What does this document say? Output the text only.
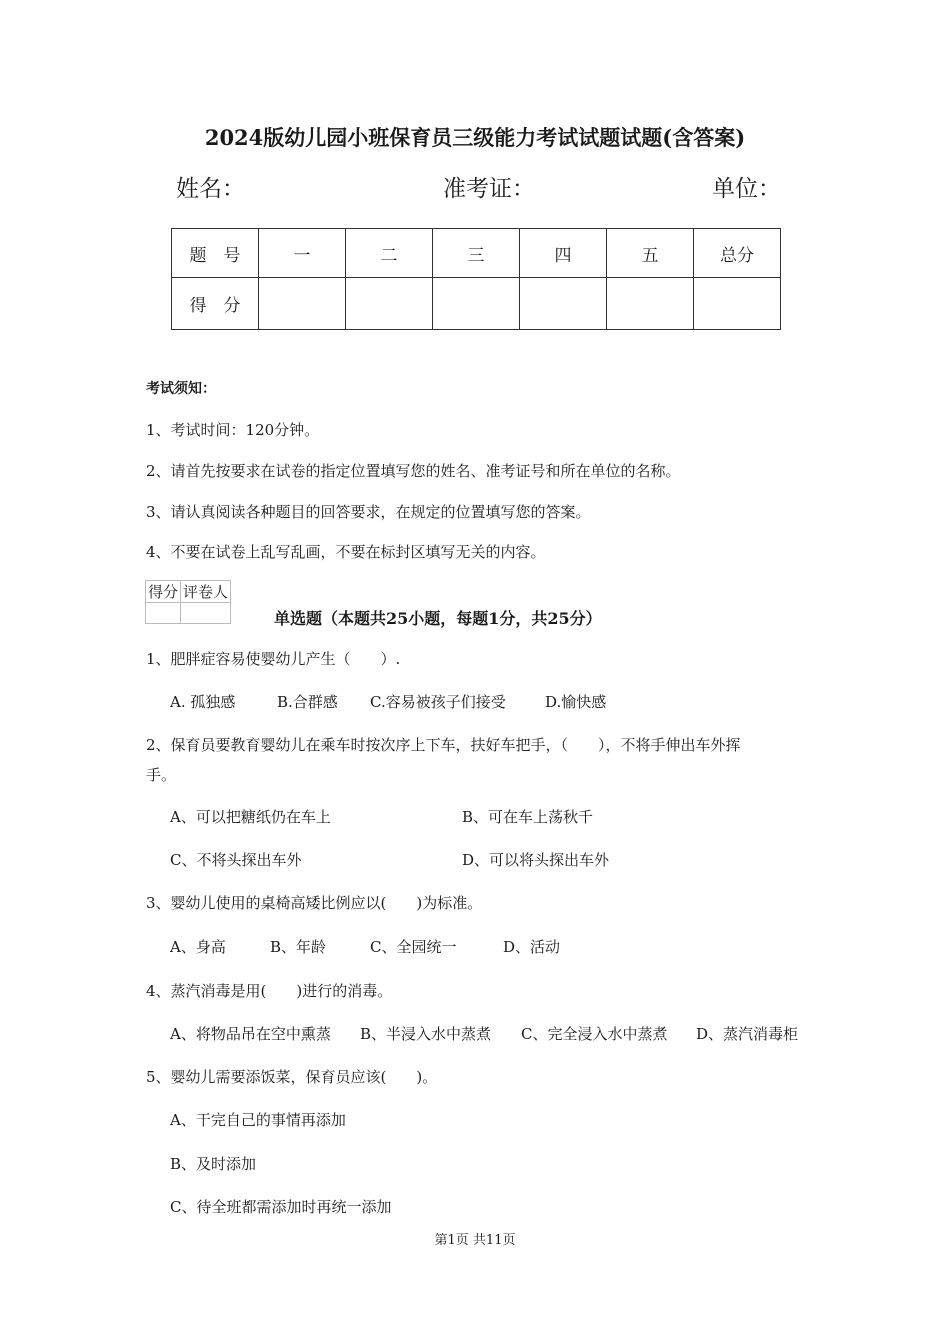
2024版幼儿园小班保育员三级能力考试试题试题(含答案)
姓名：	准考证：	单位：
题　号	一	二	三	四	五	总分
得　分						
考试须知：
1、考试时间：120分钟。
2、请首先按要求在试卷的指定位置填写您的姓名、准考证号和所在单位的名称。
3、请认真阅读各种题目的回答要求，在规定的位置填写您的答案。
4、不要在试卷上乱写乱画，不要在标封区填写无关的内容。
得分	评卷人

单选题（本题共25小题，每题1分，共25分）
1、肥胖症容易使婴幼儿产生（　　）.
A. 孤独感	B.合群感 C.容易被孩子们接受	D.愉快感
2、保育员要教育婴幼儿在乘车时按次序上下车，扶好车把手，（　　），不将手伸出车外挥
手。
A、可以把糖纸仍在车上	B、可在车上荡秋千
C、不将头探出车外	D、可以将头探出车外
3、婴幼儿使用的桌椅高矮比例应以(　　)为标准。
A、身高	B、年龄	C、全园统一	D、活动
4、蒸汽消毒是用(　　)进行的消毒。
A、将物品吊在空中熏蒸 B、半浸入水中蒸煮 C、完全浸入水中蒸煮 D、蒸汽消毒柜
5、婴幼儿需要添饭菜，保育员应该(　　)。
A、干完自己的事情再添加
B、及时添加
C、待全班都需添加时再统一添加
第1页 共11页
